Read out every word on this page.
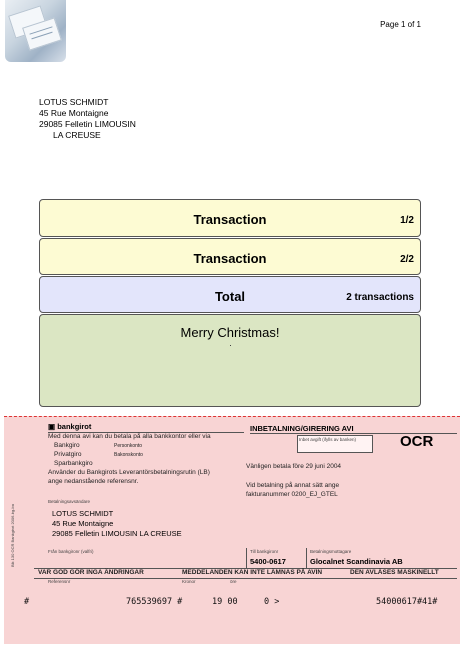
Page 1 of 1
LOTUS SCHMIDT
45 Rue Montaigne
29085 Felletin LIMOUSIN
LA CREUSE
Transaction	1/2
Transaction	2/2
Total	2 transactions
Merry Christmas!
▣ bankgirot
Med denna avi kan du betala på alla bankkontor eller via
Bankgiro	Personkonto
Privatgiro	Bakonskonto
Sparbankgiro
Använder du Bankgirots Leverantörsbetalningsrutin (LB)
ange nedanstående referensnr.
INBETALNING/GIRERING AVI
Inbet avgift (ifylls av banken)	OCR
Vänligen betala före 29 juni 2004
Vid betalning på annat sätt ange
fakturanummer 0200_EJ_GTEL
Betalningsavsändare
LOTUS SCHMIDT
45 Rue Montaigne
29085 Felletin LIMOUSIN LA CREUSE
Blk 130 OCR Bankgirot 2006-bg-ba	Från bankgironr (valfri)	Till bankgironr
5400-0617
Betalningsmottagare
Glocalnet Scandinavia AB
VAR GOD GÖR INGA ÄNDRINGAR	MEDDELANDEN KAN INTE LÄMNAS PÅ AVIN	DEN AVLÄSES MASKINELLT
Referensnr	Kronor	öre
#	765539697 #	19 00	0 >	54000617#41#
